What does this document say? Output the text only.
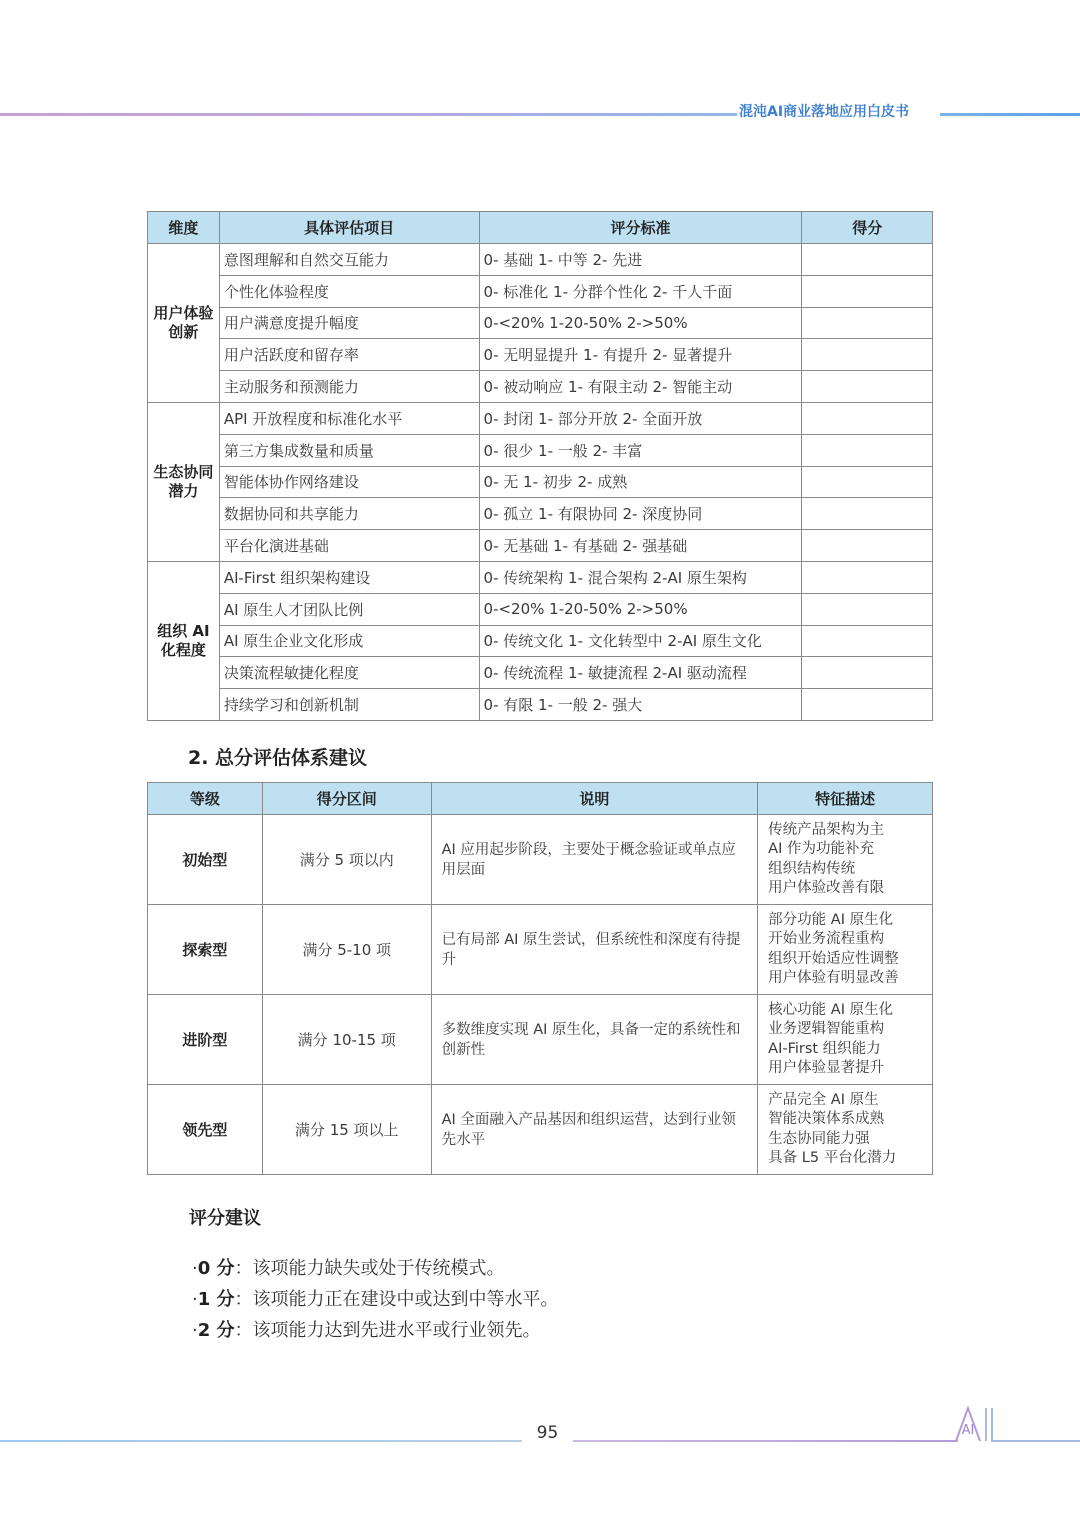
混沌AI商业落地应用白皮书
维度	具体评估项目	评分标准	得分
用户体验创新	意图理解和自然交互能力	0- 基础 1- 中等 2- 先进	
	个性化体验程度	0- 标准化 1- 分群个性化 2- 千人千面	
	用户满意度提升幅度	0-<20% 1-20-50% 2->50%	
	用户活跃度和留存率	0- 无明显提升 1- 有提升 2- 显著提升	
	主动服务和预测能力	0- 被动响应 1- 有限主动 2- 智能主动	
生态协同潜力	API 开放程度和标准化水平	0- 封闭 1- 部分开放 2- 全面开放	
	第三方集成数量和质量	0- 很少 1- 一般 2- 丰富	
	智能体协作网络建设	0- 无 1- 初步 2- 成熟	
	数据协同和共享能力	0- 孤立 1- 有限协同 2- 深度协同	
	平台化演进基础	0- 无基础 1- 有基础 2- 强基础	
组织 AI 化程度	AI-First 组织架构建设	0- 传统架构 1- 混合架构 2-AI 原生架构	
	AI 原生人才团队比例	0-<20% 1-20-50% 2->50%	
	AI 原生企业文化形成	0- 传统文化 1- 文化转型中 2-AI 原生文化	
	决策流程敏捷化程度	0- 传统流程 1- 敏捷流程 2-AI 驱动流程	
	持续学习和创新机制	0- 有限 1- 一般 2- 强大	
2. 总分评估体系建议
等级	得分区间	说明	特征描述
初始型	满分 5 项以内	AI 应用起步阶段，主要处于概念验证或单点应用层面	传统产品架构为主
AI 作为功能补充
组织结构传统
用户体验改善有限

探索型	满分 5-10 项	已有局部 AI 原生尝试，但系统性和深度有待提升	部分功能 AI 原生化
开始业务流程重构
组织开始适应性调整
用户体验有明显改善

进阶型	满分 10-15 项	多数维度实现 AI 原生化，具备一定的系统性和创新性	核心功能 AI 原生化
业务逻辑智能重构
AI-First 组织能力
用户体验显著提升

领先型	满分 15 项以上	AI 全面融入产品基因和组织运营，达到行业领先水平	产品完全 AI 原生
智能决策体系成熟
生态协同能力强
具备 L5 平台化潜力
评分建议
·0 分：该项能力缺失或处于传统模式。
·1 分：该项能力正在建设中或达到中等水平。
·2 分：该项能力达到先进水平或行业领先。
95	AI
